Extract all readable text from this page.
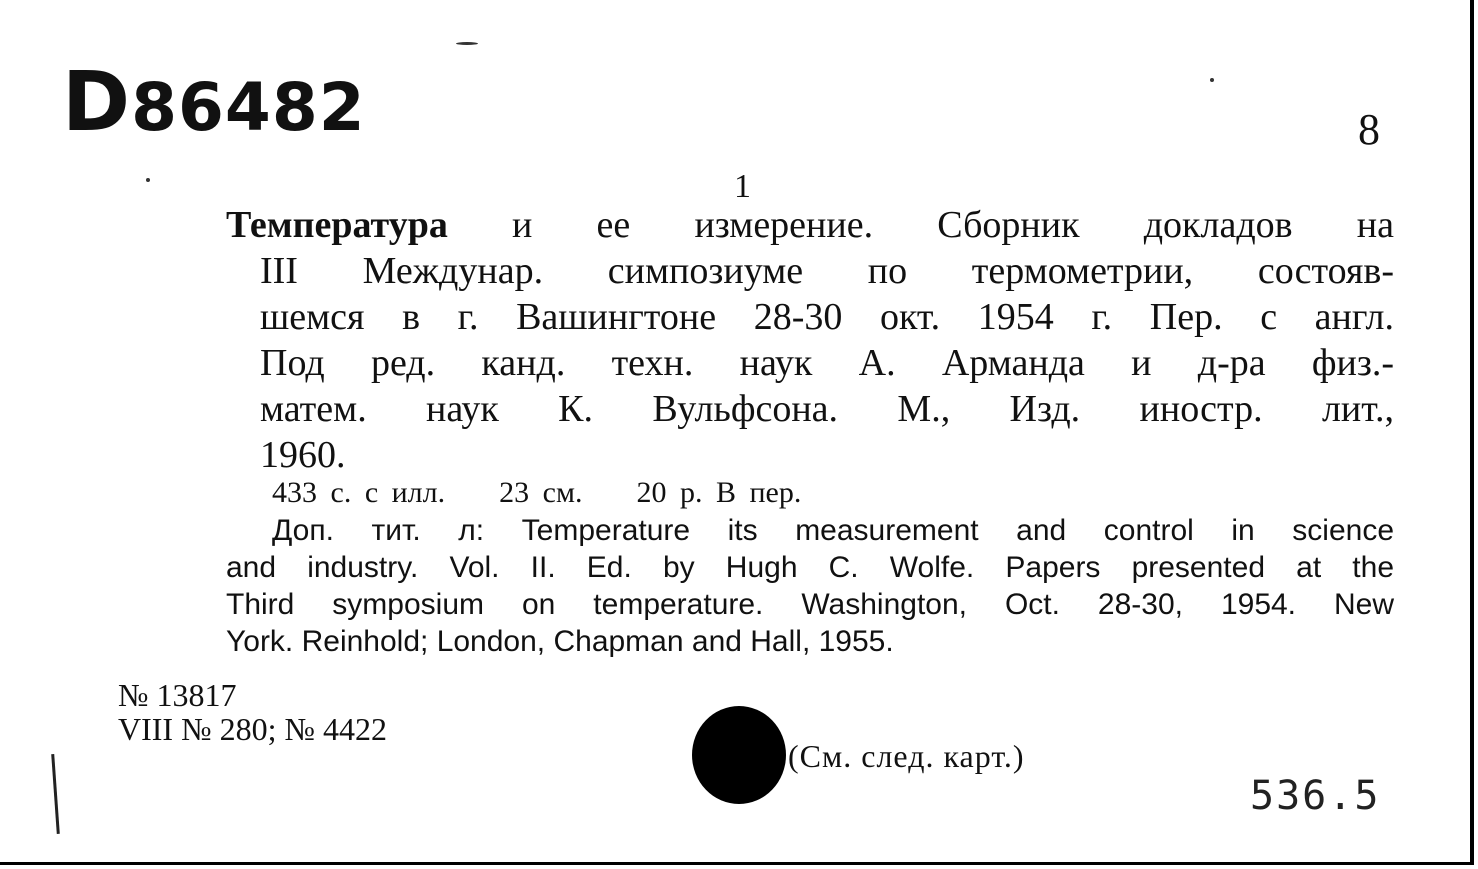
D86482	8
1
Температура и ее измерение. Сборник докладов на
III Междунар. симпозиуме по термометрии, состояв-
шемся в г. Вашингтоне 28-30 окт. 1954 г. Пер. с англ.
Под ред. канд. техн. наук А. Арманда и д-ра физ.-
матем. наук К. Вульфсона. М., Изд. иностр. лит.,
1960.
433 с. с илл. 23 см. 20 р. В пер.
Доп. тит. л: Temperature its measurement and control in science
and industry. Vol. II. Ed. by Hugh C. Wolfe. Papers presented at the
Third symposium on temperature. Washington, Oct. 28-30, 1954. New
York. Reinhold; London, Chapman and Hall, 1955.
№ 13817
VIII № 280; № 4422
(См. след. карт.)
536.5
